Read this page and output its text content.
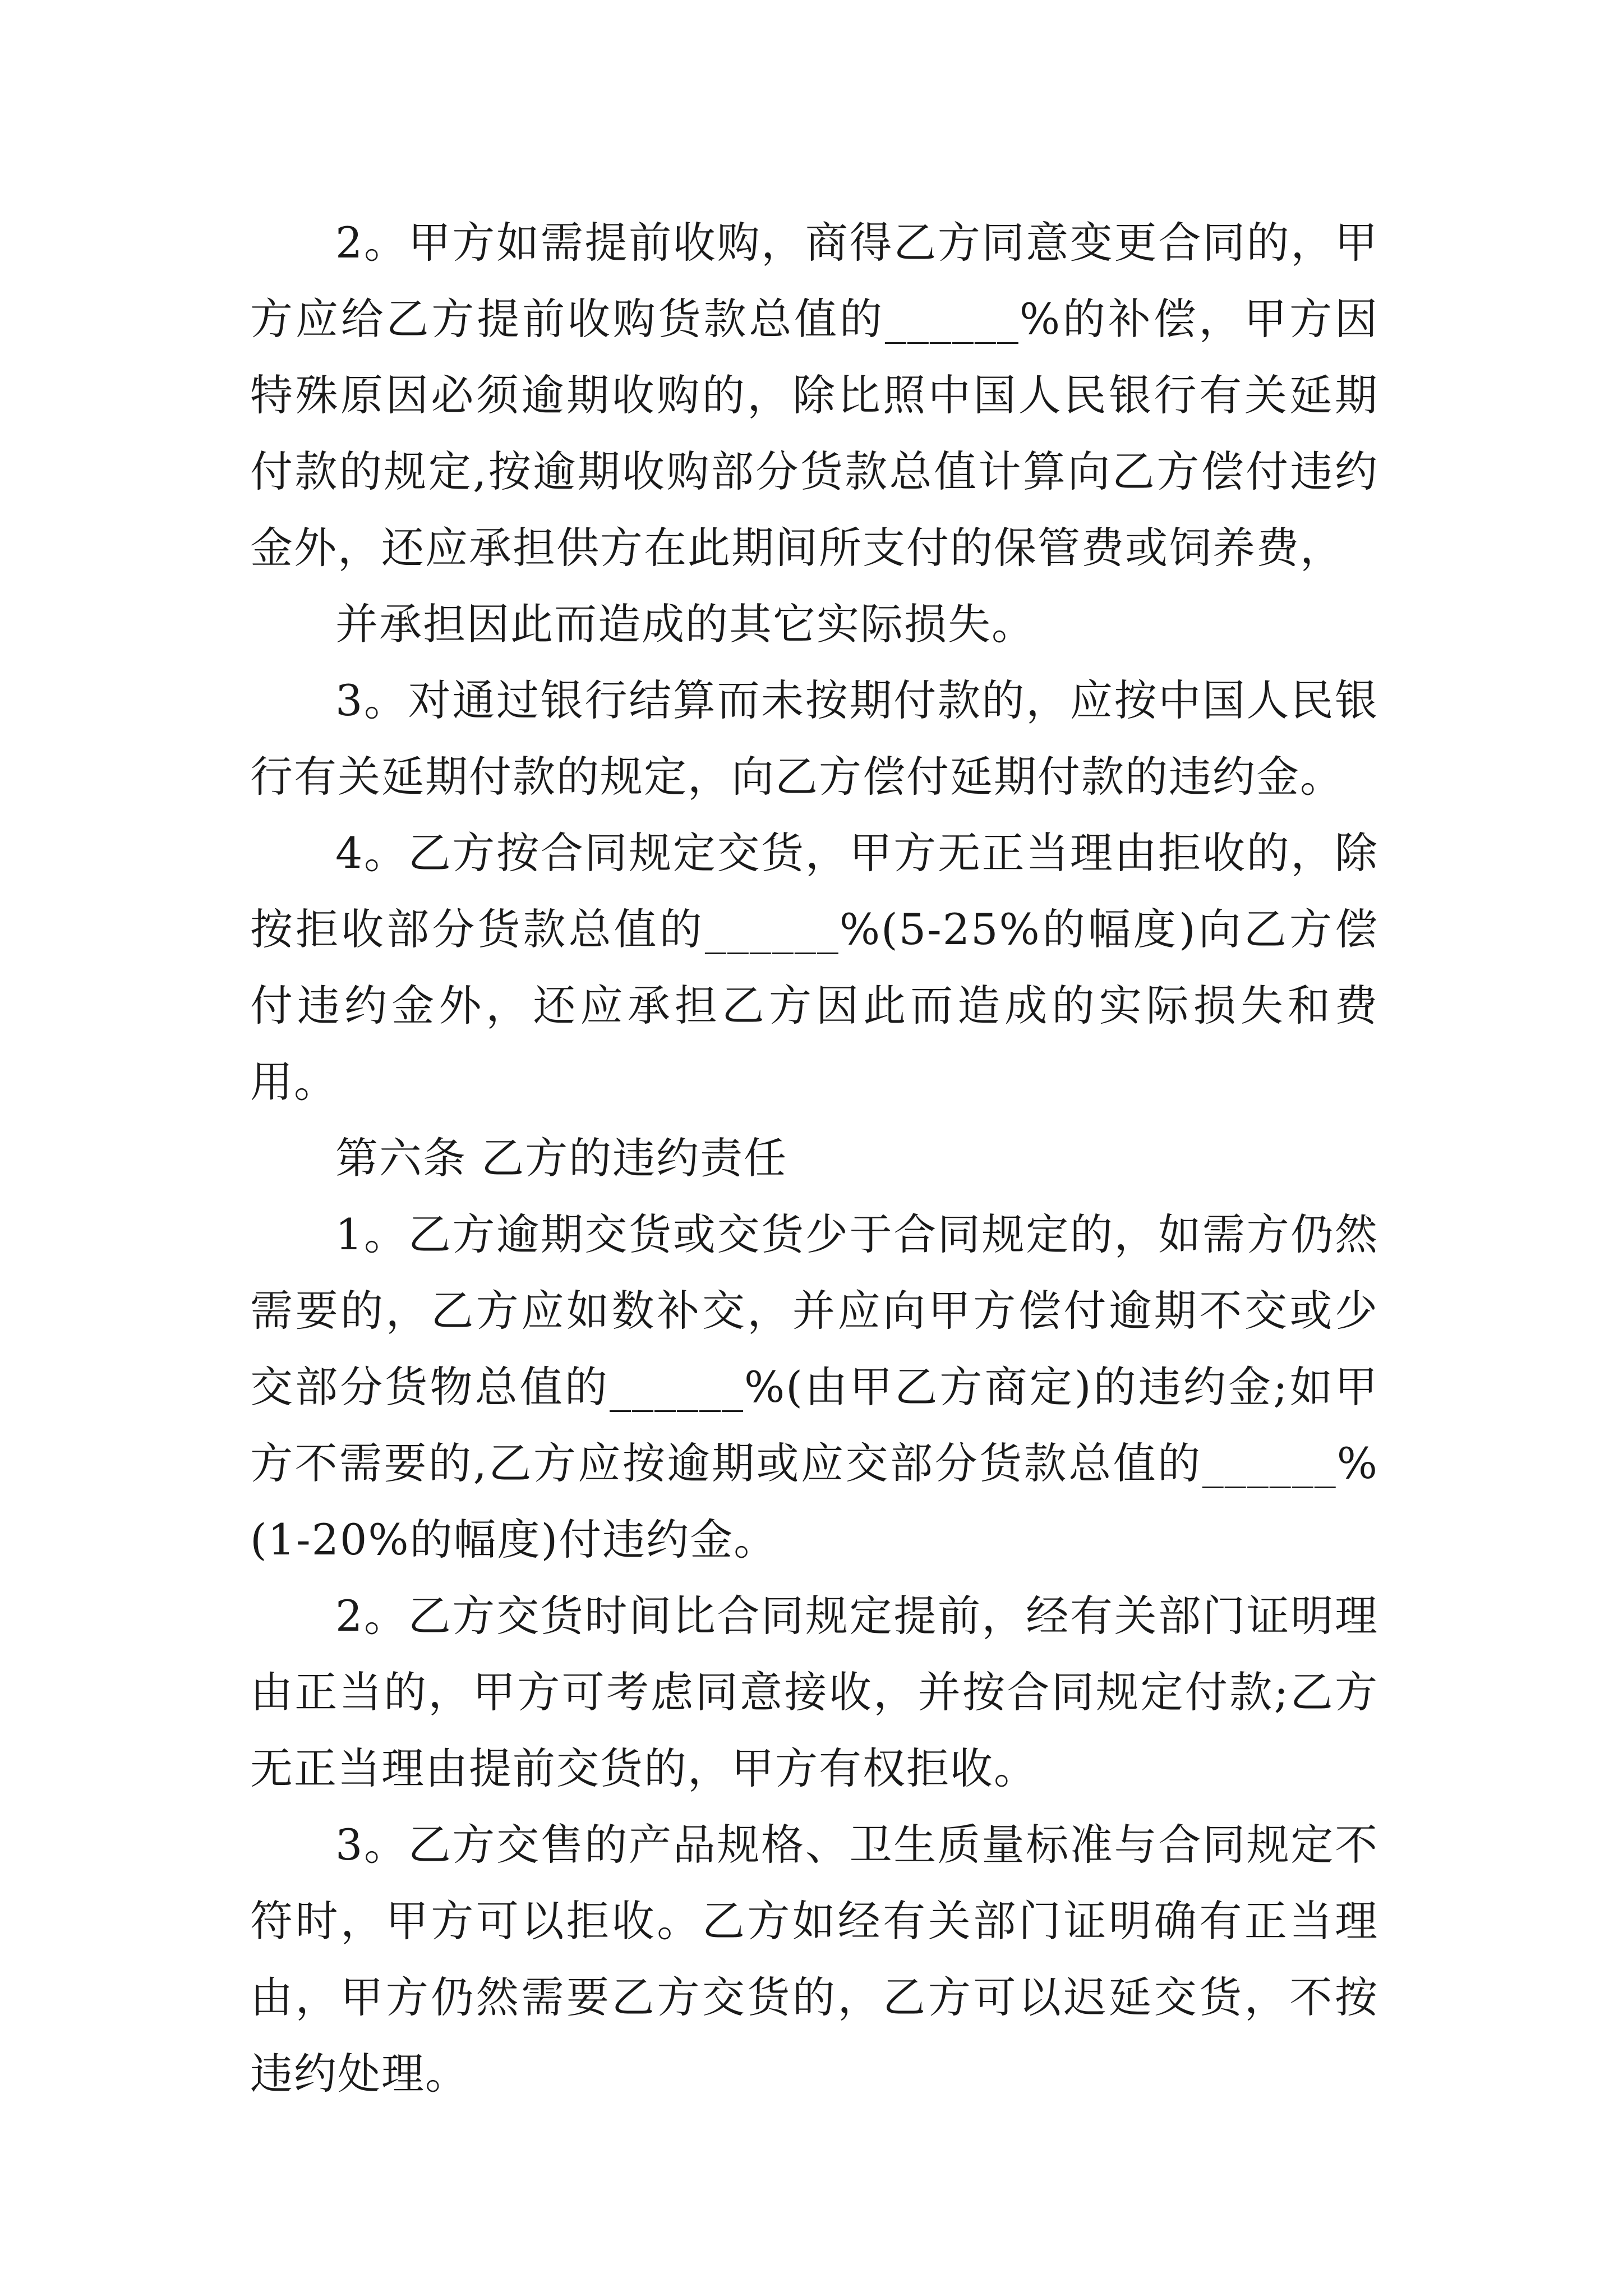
2。甲方如需提前收购，商得乙方同意变更合同的，甲方应给乙方提前收购货款总值的______%的补偿，甲方因特殊原因必须逾期收购的，除比照中国人民银行有关延期付款的规定,按逾期收购部分货款总值计算向乙方偿付违约金外，还应承担供方在此期间所支付的保管费或饲养费，

并承担因此而造成的其它实际损失。

3。对通过银行结算而未按期付款的，应按中国人民银行有关延期付款的规定，向乙方偿付延期付款的违约金。

4。乙方按合同规定交货，甲方无正当理由拒收的，除按拒收部分货款总值的______%(5-25%的幅度)向乙方偿付违约金外，还应承担乙方因此而造成的实际损失和费用。

第六条 乙方的违约责任

1。乙方逾期交货或交货少于合同规定的，如需方仍然需要的，乙方应如数补交，并应向甲方偿付逾期不交或少交部分货物总值的______%(由甲乙方商定)的违约金;如甲方不需要的,乙方应按逾期或应交部分货款总值的______%(1-20%的幅度)付违约金。

2。乙方交货时间比合同规定提前，经有关部门证明理由正当的，甲方可考虑同意接收，并按合同规定付款;乙方无正当理由提前交货的，甲方有权拒收。

3。乙方交售的产品规格、卫生质量标准与合同规定不符时，甲方可以拒收。乙方如经有关部门证明确有正当理由，甲方仍然需要乙方交货的，乙方可以迟延交货，不按违约处理。
